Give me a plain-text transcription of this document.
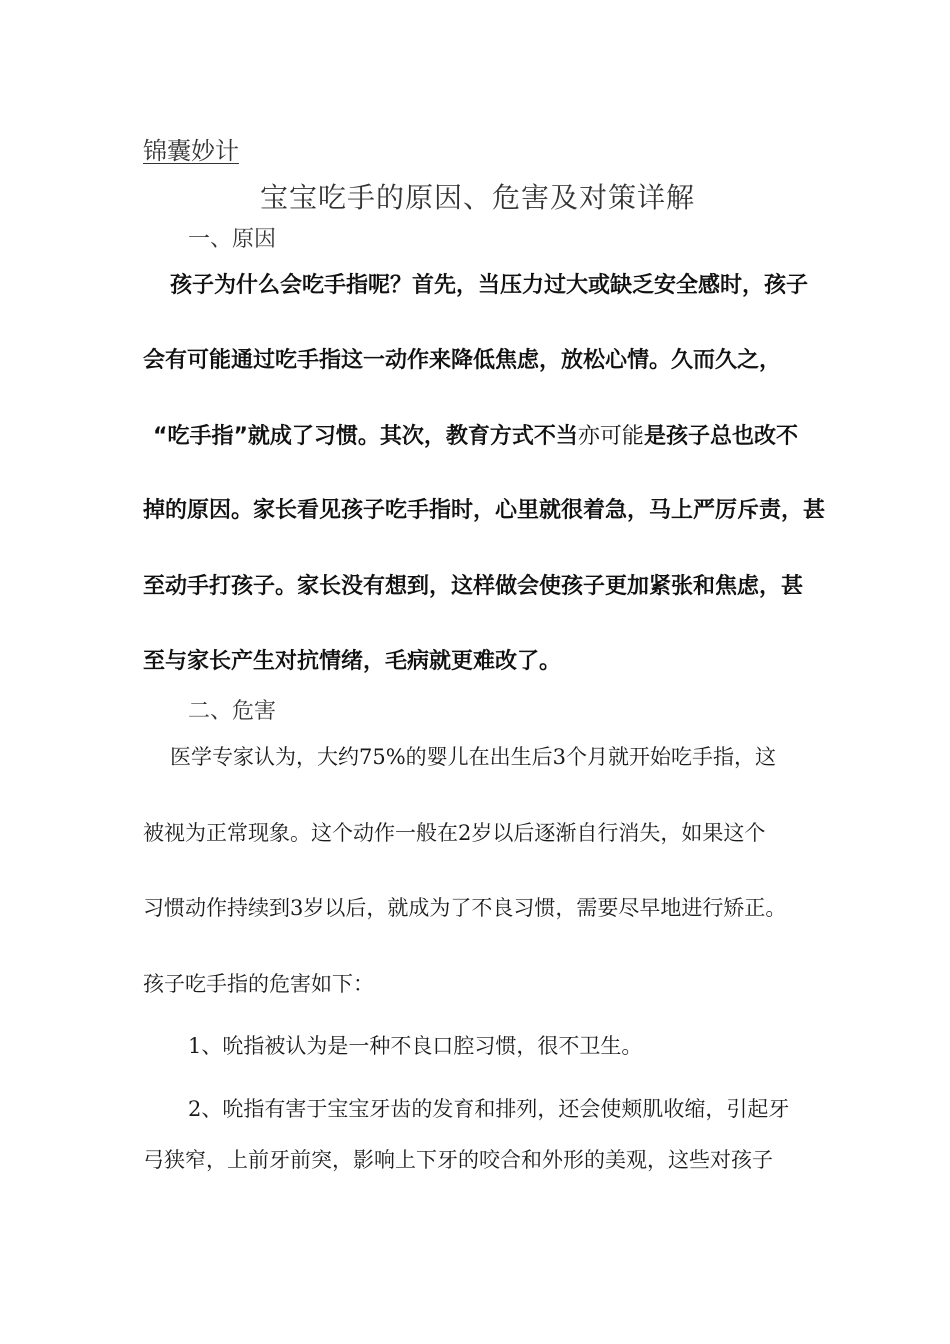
锦囊妙计
宝宝吃手的原因、危害及对策详解
一、原因
孩子为什么会吃手指呢？首先，当压力过大或缺乏安全感时，孩子
会有可能通过吃手指这一动作来降低焦虑，放松心情。久而久之，
“吃手指”就成了习惯。其次，教育方式不当亦可能是孩子总也改不
掉的原因。家长看见孩子吃手指时，心里就很着急，马上严厉斥责，甚
至动手打孩子。家长没有想到，这样做会使孩子更加紧张和焦虑，甚
至与家长产生对抗情绪，毛病就更难改了。
二、危害
医学专家认为，大约75%的婴儿在出生后3个月就开始吃手指，这
被视为正常现象。这个动作一般在2岁以后逐渐自行消失，如果这个
习惯动作持续到3岁以后，就成为了不良习惯，需要尽早地进行矫正。
孩子吃手指的危害如下：
1、吮指被认为是一种不良口腔习惯，很不卫生。
2、吮指有害于宝宝牙齿的发育和排列，还会使颊肌收缩，引起牙
弓狭窄，上前牙前突，影响上下牙的咬合和外形的美观，这些对孩子
